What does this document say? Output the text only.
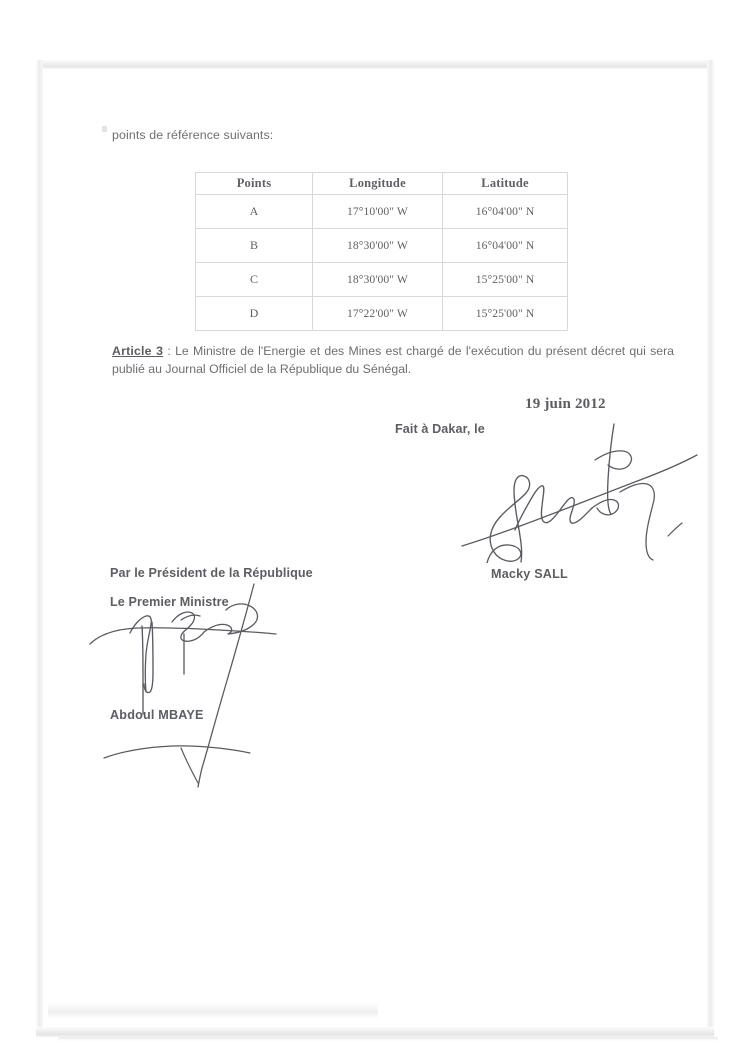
points de référence suivants:
Points	Longitude	Latitude
A	17°10'00" W	16°04'00" N
B	18°30'00" W	16°04'00" N
C	18°30'00" W	15°25'00" N
D	17°22'00" W	15°25'00" N
Article 3 : Le Ministre de l'Energie et des Mines est chargé de l'exécution du présent décret qui sera publié au Journal Officiel de la République du Sénégal.
19 juin 2012
Fait à Dakar, le
Macky SALL
Par le Président de la République
Le Premier Ministre
Abdoul MBAYE
